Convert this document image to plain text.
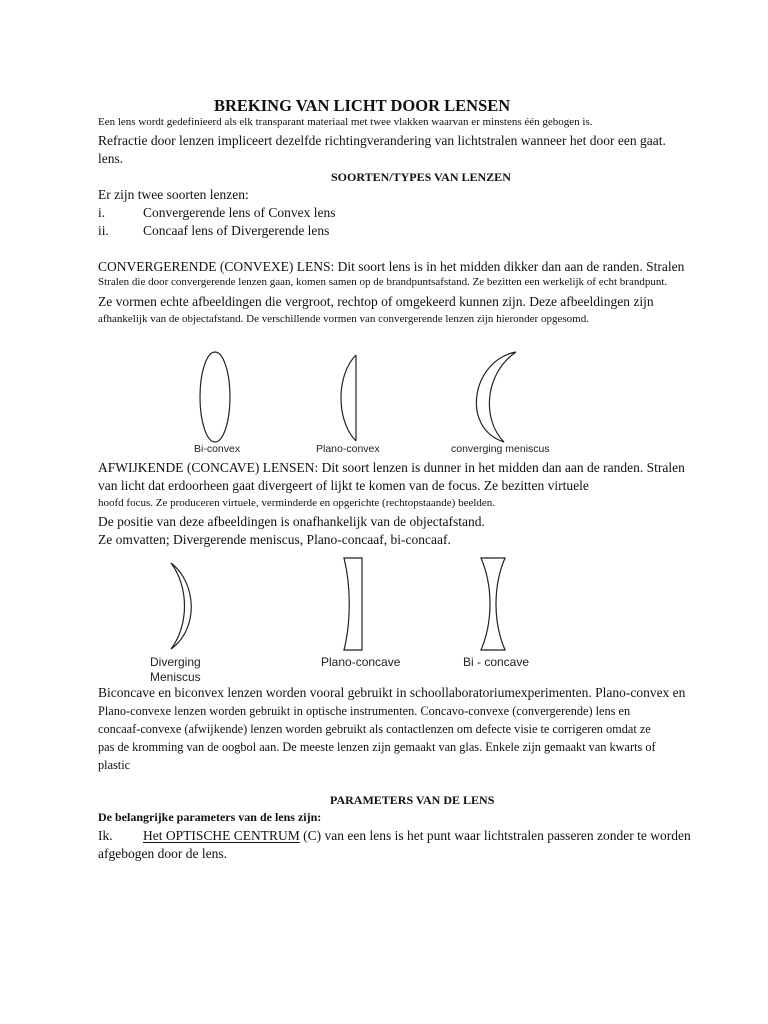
BREKING VAN LICHT DOOR LENSEN
Een lens wordt gedefinieerd als elk transparant materiaal met twee vlakken waarvan er minstens één gebogen is.
Refractie door lenzen impliceert dezelfde richtingverandering van lichtstralen wanneer het door een gaat.
lens.
SOORTEN/TYPES VAN LENZEN
Er zijn twee soorten lenzen:
i.	Convergerende lens of Convex lens
ii.	Concaaf lens of Divergerende lens
CONVERGERENDE (CONVEXE) LENS: Dit soort lens is in het midden dikker dan aan de randen. Stralen
Stralen die door convergerende lenzen gaan, komen samen op de brandpuntsafstand. Ze bezitten een werkelijk of echt brandpunt.
Ze vormen echte afbeeldingen die vergroot, rechtop of omgekeerd kunnen zijn. Deze afbeeldingen zijn
afhankelijk van de objectafstand. De verschillende vormen van convergerende lenzen zijn hieronder opgesomd.
Bi-convex	Plano-convex	converging meniscus
AFWIJKENDE (CONCAVE) LENSEN: Dit soort lenzen is dunner in het midden dan aan de randen. Stralen
van licht dat erdoorheen gaat divergeert of lijkt te komen van de focus. Ze bezitten virtuele
hoofd focus. Ze produceren virtuele, verminderde en opgerichte (rechtopstaande) beelden.
De positie van deze afbeeldingen is onafhankelijk van de objectafstand.
Ze omvatten; Divergerende meniscus, Plano-concaaf, bi-concaaf.
Diverging
Meniscus
Plano-concave	Bi - concave
Biconcave en biconvex lenzen worden vooral gebruikt in schoollaboratoriumexperimenten. Plano-convex en
Plano-convexe lenzen worden gebruikt in optische instrumenten. Concavo-convexe (convergerende) lens en
concaaf-convexe (afwijkende) lenzen worden gebruikt als contactlenzen om defecte visie te corrigeren omdat ze
pas de kromming van de oogbol aan. De meeste lenzen zijn gemaakt van glas. Enkele zijn gemaakt van kwarts of
plastic
PARAMETERS VAN DE LENS
De belangrijke parameters van de lens zijn:
Ik. Het OPTISCHE CENTRUM (C) van een lens is het punt waar lichtstralen passeren zonder te worden
afgebogen door de lens.
